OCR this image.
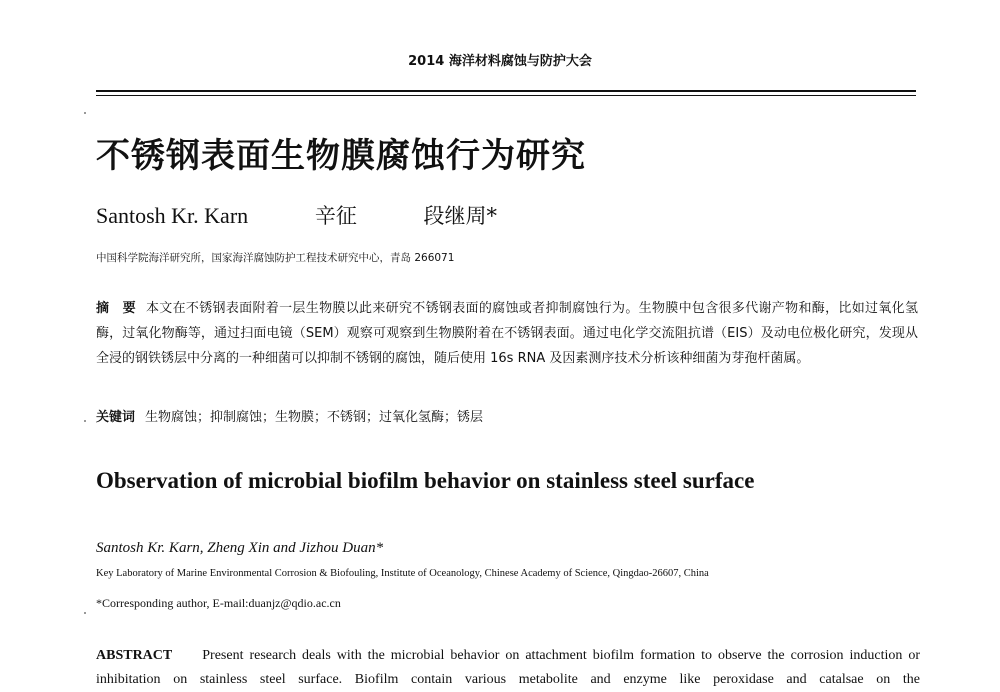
2014 海洋材料腐蚀与防护大会
不锈钢表面生物膜腐蚀行为研究
Santosh Kr. Karn	辛征	段继周*
中国科学院海洋研究所，国家海洋腐蚀防护工程技术研究中心，青岛 266071
摘　要 本文在不锈钢表面附着一层生物膜以此来研究不锈钢表面的腐蚀或者抑制腐蚀行为。生物膜中包含很多代谢产物和酶，比如过氧化氢酶，过氧化物酶等，通过扫面电镜（SEM）观察可观察到生物膜附着在不锈钢表面。通过电化学交流阻抗谱（EIS）及动电位极化研究，发现从全浸的钢铁锈层中分离的一种细菌可以抑制不锈钢的腐蚀，随后使用 16s RNA 及因素测序技术分析该种细菌为芽孢杆菌属。
关键词 生物腐蚀；抑制腐蚀；生物膜；不锈钢；过氧化氢酶；锈层
Observation of microbial biofilm behavior on stainless steel surface
Santosh Kr. Karn, Zheng Xin and Jizhou Duan*
Key Laboratory of Marine Environmental Corrosion & Biofouling, Institute of Oceanology, Chinese Academy of Science, Qingdao-26607, China
*Corresponding author, E-mail:duanjz@qdio.ac.cn
ABSTRACT Present research deals with the microbial behavior on attachment biofilm formation to observe the corrosion induction or inhibitation on stainless steel surface. Biofilm contain various metabolite and enzyme like peroxidase and catalsae on the
